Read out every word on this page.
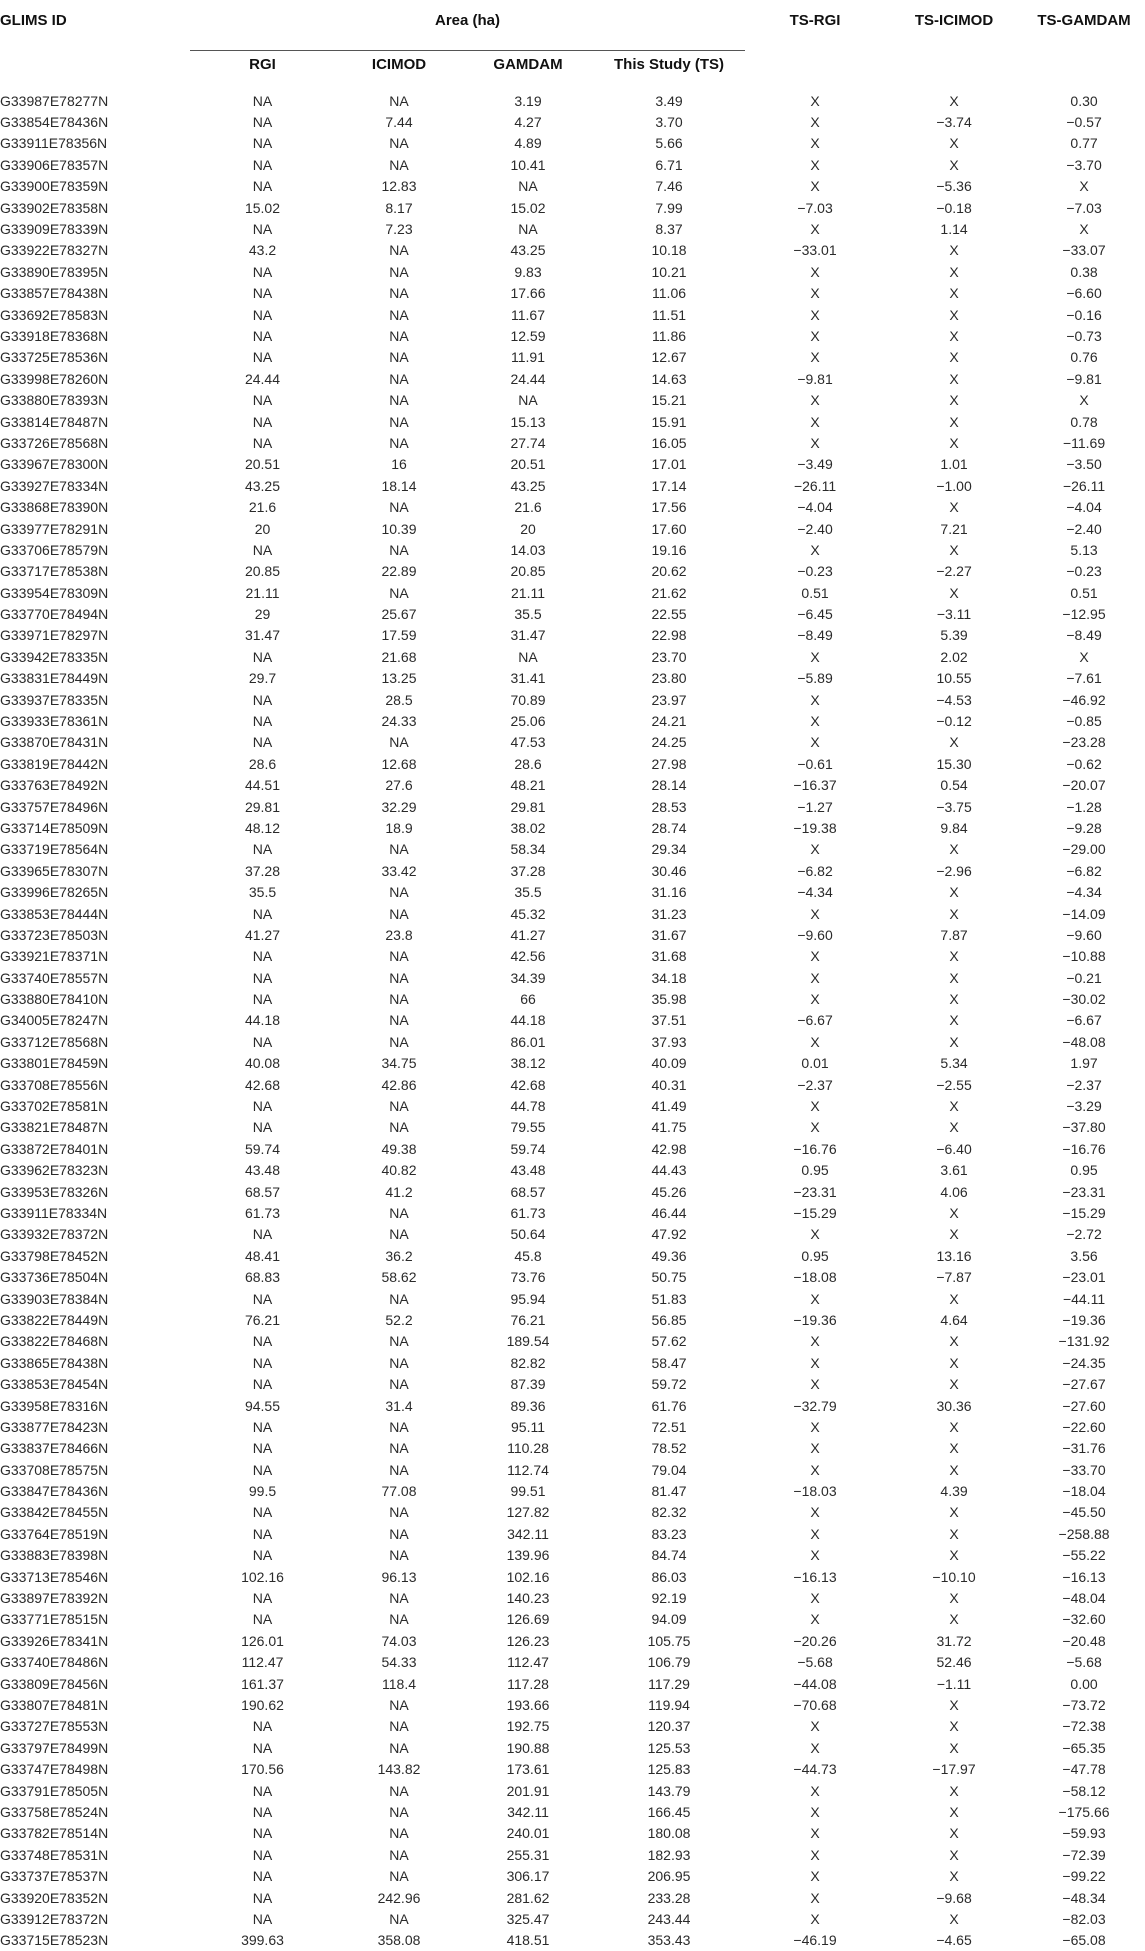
GLIMS ID	Area (ha)				TS-RGI	TS-ICIMOD	TS-GAMDAM
	RGI	ICIMOD	GAMDAM	This Study (TS)			

G33987E78277N	NA	NA	3.19	3.49	X	X	0.30
G33854E78436N	NA	7.44	4.27	3.70	X	−3.74	−0.57
G33911E78356N	NA	NA	4.89	5.66	X	X	0.77
G33906E78357N	NA	NA	10.41	6.71	X	X	−3.70
G33900E78359N	NA	12.83	NA	7.46	X	−5.36	X
G33902E78358N	15.02	8.17	15.02	7.99	−7.03	−0.18	−7.03
G33909E78339N	NA	7.23	NA	8.37	X	1.14	X
G33922E78327N	43.2	NA	43.25	10.18	−33.01	X	−33.07
G33890E78395N	NA	NA	9.83	10.21	X	X	0.38
G33857E78438N	NA	NA	17.66	11.06	X	X	−6.60
G33692E78583N	NA	NA	11.67	11.51	X	X	−0.16
G33918E78368N	NA	NA	12.59	11.86	X	X	−0.73
G33725E78536N	NA	NA	11.91	12.67	X	X	0.76
G33998E78260N	24.44	NA	24.44	14.63	−9.81	X	−9.81
G33880E78393N	NA	NA	NA	15.21	X	X	X
G33814E78487N	NA	NA	15.13	15.91	X	X	0.78
G33726E78568N	NA	NA	27.74	16.05	X	X	−11.69
G33967E78300N	20.51	16	20.51	17.01	−3.49	1.01	−3.50
G33927E78334N	43.25	18.14	43.25	17.14	−26.11	−1.00	−26.11
G33868E78390N	21.6	NA	21.6	17.56	−4.04	X	−4.04
G33977E78291N	20	10.39	20	17.60	−2.40	7.21	−2.40
G33706E78579N	NA	NA	14.03	19.16	X	X	5.13
G33717E78538N	20.85	22.89	20.85	20.62	−0.23	−2.27	−0.23
G33954E78309N	21.11	NA	21.11	21.62	0.51	X	0.51
G33770E78494N	29	25.67	35.5	22.55	−6.45	−3.11	−12.95
G33971E78297N	31.47	17.59	31.47	22.98	−8.49	5.39	−8.49
G33942E78335N	NA	21.68	NA	23.70	X	2.02	X
G33831E78449N	29.7	13.25	31.41	23.80	−5.89	10.55	−7.61
G33937E78335N	NA	28.5	70.89	23.97	X	−4.53	−46.92
G33933E78361N	NA	24.33	25.06	24.21	X	−0.12	−0.85
G33870E78431N	NA	NA	47.53	24.25	X	X	−23.28
G33819E78442N	28.6	12.68	28.6	27.98	−0.61	15.30	−0.62
G33763E78492N	44.51	27.6	48.21	28.14	−16.37	0.54	−20.07
G33757E78496N	29.81	32.29	29.81	28.53	−1.27	−3.75	−1.28
G33714E78509N	48.12	18.9	38.02	28.74	−19.38	9.84	−9.28
G33719E78564N	NA	NA	58.34	29.34	X	X	−29.00
G33965E78307N	37.28	33.42	37.28	30.46	−6.82	−2.96	−6.82
G33996E78265N	35.5	NA	35.5	31.16	−4.34	X	−4.34
G33853E78444N	NA	NA	45.32	31.23	X	X	−14.09
G33723E78503N	41.27	23.8	41.27	31.67	−9.60	7.87	−9.60
G33921E78371N	NA	NA	42.56	31.68	X	X	−10.88
G33740E78557N	NA	NA	34.39	34.18	X	X	−0.21
G33880E78410N	NA	NA	66	35.98	X	X	−30.02
G34005E78247N	44.18	NA	44.18	37.51	−6.67	X	−6.67
G33712E78568N	NA	NA	86.01	37.93	X	X	−48.08
G33801E78459N	40.08	34.75	38.12	40.09	0.01	5.34	1.97
G33708E78556N	42.68	42.86	42.68	40.31	−2.37	−2.55	−2.37
G33702E78581N	NA	NA	44.78	41.49	X	X	−3.29
G33821E78487N	NA	NA	79.55	41.75	X	X	−37.80
G33872E78401N	59.74	49.38	59.74	42.98	−16.76	−6.40	−16.76
G33962E78323N	43.48	40.82	43.48	44.43	0.95	3.61	0.95
G33953E78326N	68.57	41.2	68.57	45.26	−23.31	4.06	−23.31
G33911E78334N	61.73	NA	61.73	46.44	−15.29	X	−15.29
G33932E78372N	NA	NA	50.64	47.92	X	X	−2.72
G33798E78452N	48.41	36.2	45.8	49.36	0.95	13.16	3.56
G33736E78504N	68.83	58.62	73.76	50.75	−18.08	−7.87	−23.01
G33903E78384N	NA	NA	95.94	51.83	X	X	−44.11
G33822E78449N	76.21	52.2	76.21	56.85	−19.36	4.64	−19.36
G33822E78468N	NA	NA	189.54	57.62	X	X	−131.92
G33865E78438N	NA	NA	82.82	58.47	X	X	−24.35
G33853E78454N	NA	NA	87.39	59.72	X	X	−27.67
G33958E78316N	94.55	31.4	89.36	61.76	−32.79	30.36	−27.60
G33877E78423N	NA	NA	95.11	72.51	X	X	−22.60
G33837E78466N	NA	NA	110.28	78.52	X	X	−31.76
G33708E78575N	NA	NA	112.74	79.04	X	X	−33.70
G33847E78436N	99.5	77.08	99.51	81.47	−18.03	4.39	−18.04
G33842E78455N	NA	NA	127.82	82.32	X	X	−45.50
G33764E78519N	NA	NA	342.11	83.23	X	X	−258.88
G33883E78398N	NA	NA	139.96	84.74	X	X	−55.22
G33713E78546N	102.16	96.13	102.16	86.03	−16.13	−10.10	−16.13
G33897E78392N	NA	NA	140.23	92.19	X	X	−48.04
G33771E78515N	NA	NA	126.69	94.09	X	X	−32.60
G33926E78341N	126.01	74.03	126.23	105.75	−20.26	31.72	−20.48
G33740E78486N	112.47	54.33	112.47	106.79	−5.68	52.46	−5.68
G33809E78456N	161.37	118.4	117.28	117.29	−44.08	−1.11	0.00
G33807E78481N	190.62	NA	193.66	119.94	−70.68	X	−73.72
G33727E78553N	NA	NA	192.75	120.37	X	X	−72.38
G33797E78499N	NA	NA	190.88	125.53	X	X	−65.35
G33747E78498N	170.56	143.82	173.61	125.83	−44.73	−17.97	−47.78
G33791E78505N	NA	NA	201.91	143.79	X	X	−58.12
G33758E78524N	NA	NA	342.11	166.45	X	X	−175.66
G33782E78514N	NA	NA	240.01	180.08	X	X	−59.93
G33748E78531N	NA	NA	255.31	182.93	X	X	−72.39
G33737E78537N	NA	NA	306.17	206.95	X	X	−99.22
G33920E78352N	NA	242.96	281.62	233.28	X	−9.68	−48.34
G33912E78372N	NA	NA	325.47	243.44	X	X	−82.03
G33715E78523N	399.63	358.08	418.51	353.43	−46.19	−4.65	−65.08
